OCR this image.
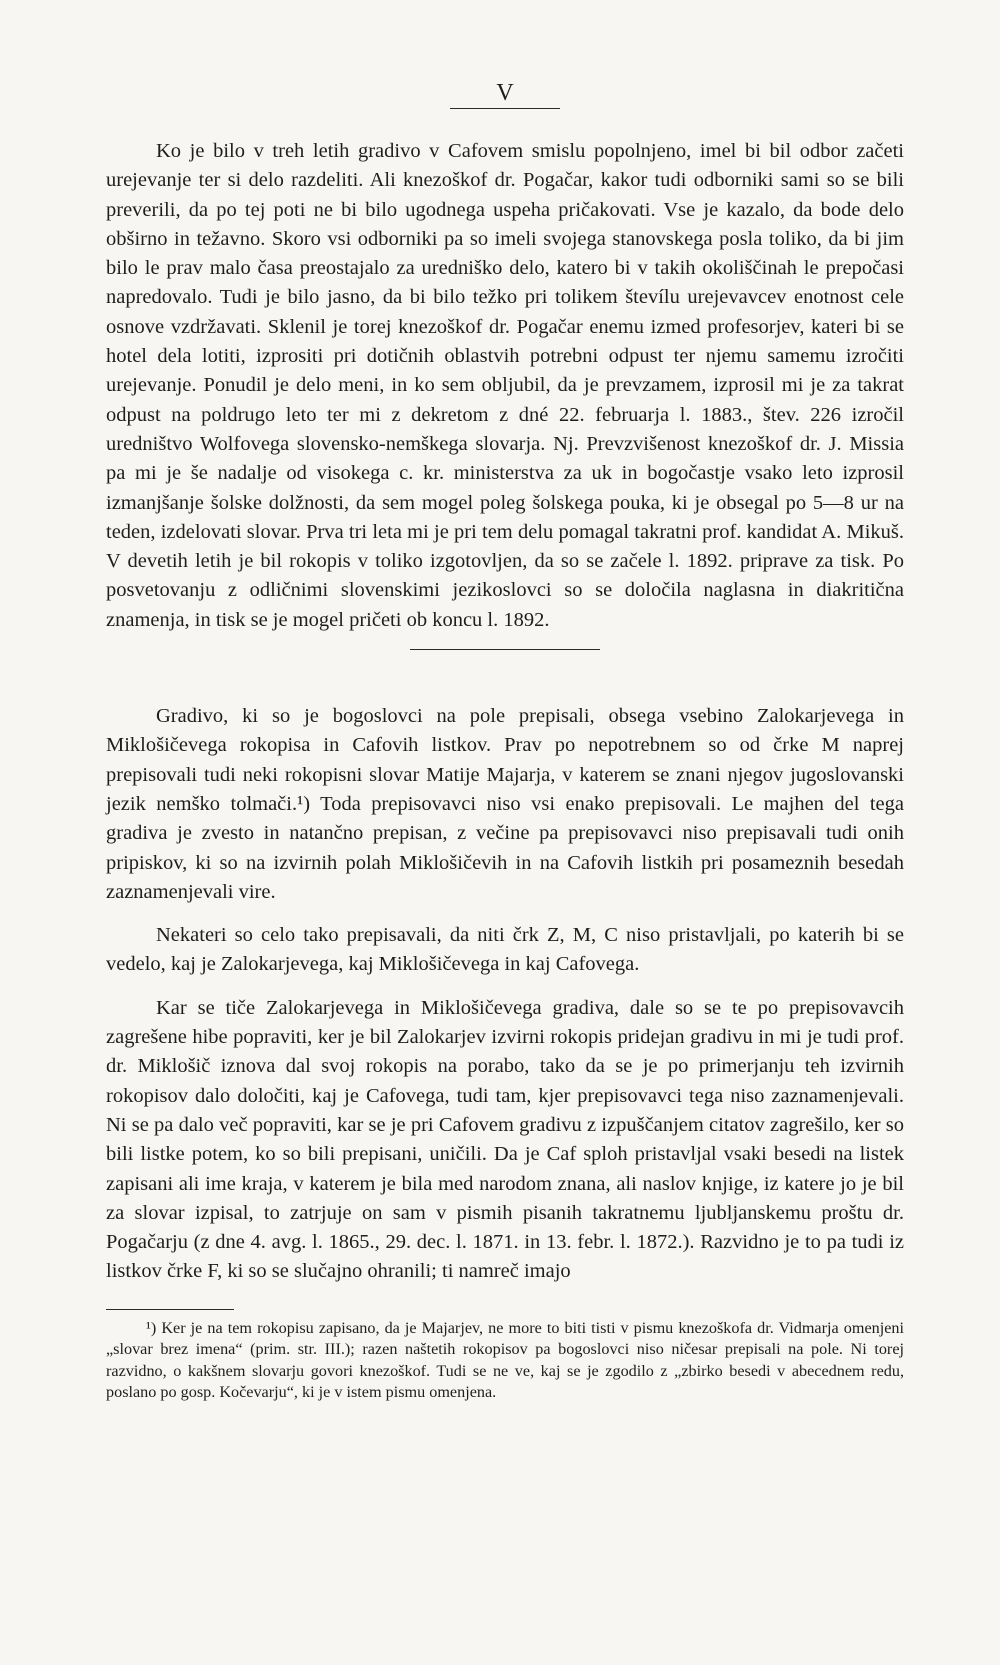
V

Ko je bilo v treh letih gradivo v Cafovem smislu popolnjeno, imel bi bil odbor začeti urejevanje ter si delo razdeliti. Ali knezoškof dr. Pogačar, kakor tudi odborniki sami so se bili preverili, da po tej poti ne bi bilo ugodnega uspeha pričakovati. Vse je kazalo, da bode delo obširno in težavno. Skoro vsi odborniki pa so imeli svojega stanovskega posla toliko, da bi jim bilo le prav malo časa preostajalo za uredniško delo, katero bi v takih okoliščinah le prepočasi napredovalo. Tudi je bilo jasno, da bi bilo težko pri tolikem števílu urejevavcev enotnost cele osnove vzdržavati. Sklenil je torej knezoškof dr. Pogačar enemu izmed profesorjev, kateri bi se hotel dela lotiti, izprositi pri dotičnih oblastvih potrebni odpust ter njemu samemu izročiti urejevanje. Ponudil je delo meni, in ko sem obljubil, da je prevzamem, izprosil mi je za takrat odpust na poldrugo leto ter mi z dekretom z dné 22. februarja l. 1883., štev. 226 izročil uredništvo Wolfovega slovensko-nemškega slovarja. Nj. Prevzvišenost knezoškof dr. J. Missia pa mi je še nadalje od visokega c. kr. ministerstva za uk in bogočastje vsako leto izprosil izmanjšanje šolske dolžnosti, da sem mogel poleg šolskega pouka, ki je obsegal po 5—8 ur na teden, izdelovati slovar. Prva tri leta mi je pri tem delu pomagal takratni prof. kandidat A. Mikuš. V devetih letih je bil rokopis v toliko izgotovljen, da so se začele l. 1892. priprave za tisk. Po posvetovanju z odličnimi slovenskimi jezikoslovci so se določila naglasna in diakritična znamenja, in tisk se je mogel pričeti ob koncu l. 1892.

Gradivo, ki so je bogoslovci na pole prepisali, obsega vsebino Zalokarjevega in Miklošičevega rokopisa in Cafovih listkov. Prav po nepotrebnem so od črke M naprej prepisovali tudi neki rokopisni slovar Matije Majarja, v katerem se znani njegov jugoslovanski jezik nemško tolmači.¹) Toda prepisovavci niso vsi enako prepisovali. Le majhen del tega gradiva je zvesto in natančno prepisan, z večine pa prepisovavci niso prepisavali tudi onih pripiskov, ki so na izvirnih polah Miklošičevih in na Cafovih listkih pri posameznih besedah zaznamenjevali vire.

Nekateri so celo tako prepisavali, da niti črk Z, M, C niso pristavljali, po katerih bi se vedelo, kaj je Zalokarjevega, kaj Miklošičevega in kaj Cafovega.

Kar se tiče Zalokarjevega in Miklošičevega gradiva, dale so se te po prepisovavcih zagrešene hibe popraviti, ker je bil Zalokarjev izvirni rokopis pridejan gradivu in mi je tudi prof. dr. Miklošič iznova dal svoj rokopis na porabo, tako da se je po primerjanju teh izvirnih rokopisov dalo določiti, kaj je Cafovega, tudi tam, kjer prepisovavci tega niso zaznamenjevali. Ni se pa dalo več popraviti, kar se je pri Cafovem gradivu z izpuščanjem citatov zagrešilo, ker so bili listke potem, ko so bili prepisani, uničili. Da je Caf sploh pristavljal vsaki besedi na listek zapisani ali ime kraja, v katerem je bila med narodom znana, ali naslov knjige, iz katere jo je bil za slovar izpisal, to zatrjuje on sam v pismih pisanih takratnemu ljubljanskemu proštu dr. Pogačarju (z dne 4. avg. l. 1865., 29. dec. l. 1871. in 13. febr. l. 1872.). Razvidno je to pa tudi iz listkov črke F, ki so se slučajno ohranili; ti namreč imajo

¹) Ker je na tem rokopisu zapisano, da je Majarjev, ne more to biti tisti v pismu knezoškofa dr. Vidmarja omenjeni „slovar brez imena“ (prim. str. III.); razen naštetih rokopisov pa bogoslovci niso ničesar prepisali na pole. Ni torej razvidno, o kakšnem slovarju govori knezoškof. Tudi se ne ve, kaj se je zgodilo z „zbirko besedi v abecednem redu, poslano po gosp. Kočevarju“, ki je v istem pismu omenjena.
